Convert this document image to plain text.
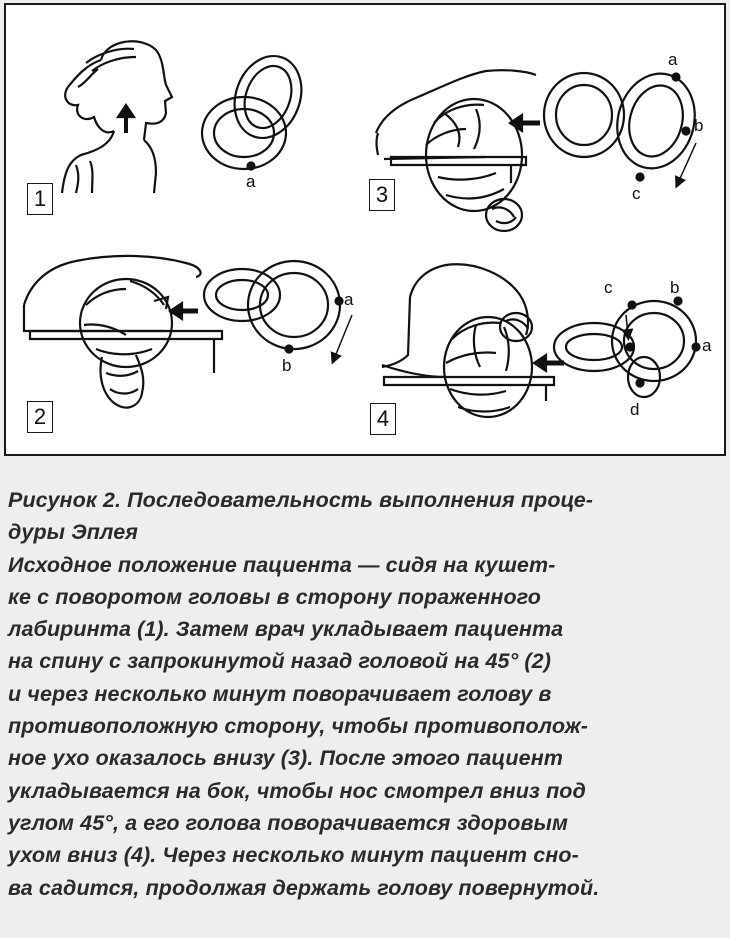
1
2
3
4
a
a
b
a
b
c
c	b
a
d
Рисунок 2. Последовательность выполнения проце-
дуры Эплея
Исходное положение пациента — сидя на кушет-
ке с поворотом головы в сторону пораженного
лабиринта (1). Затем врач укладывает пациента
на спину с запрокинутой назад головой на 45° (2)
и через несколько минут поворачивает голову в
противоположную сторону, чтобы противополож-
ное ухо оказалось внизу (3). После этого пациент
укладывается на бок, чтобы нос смотрел вниз под
углом 45°, а его голова поворачивается здоровым
ухом вниз (4). Через несколько минут пациент сно-
ва садится, продолжая держать голову повернутой.
